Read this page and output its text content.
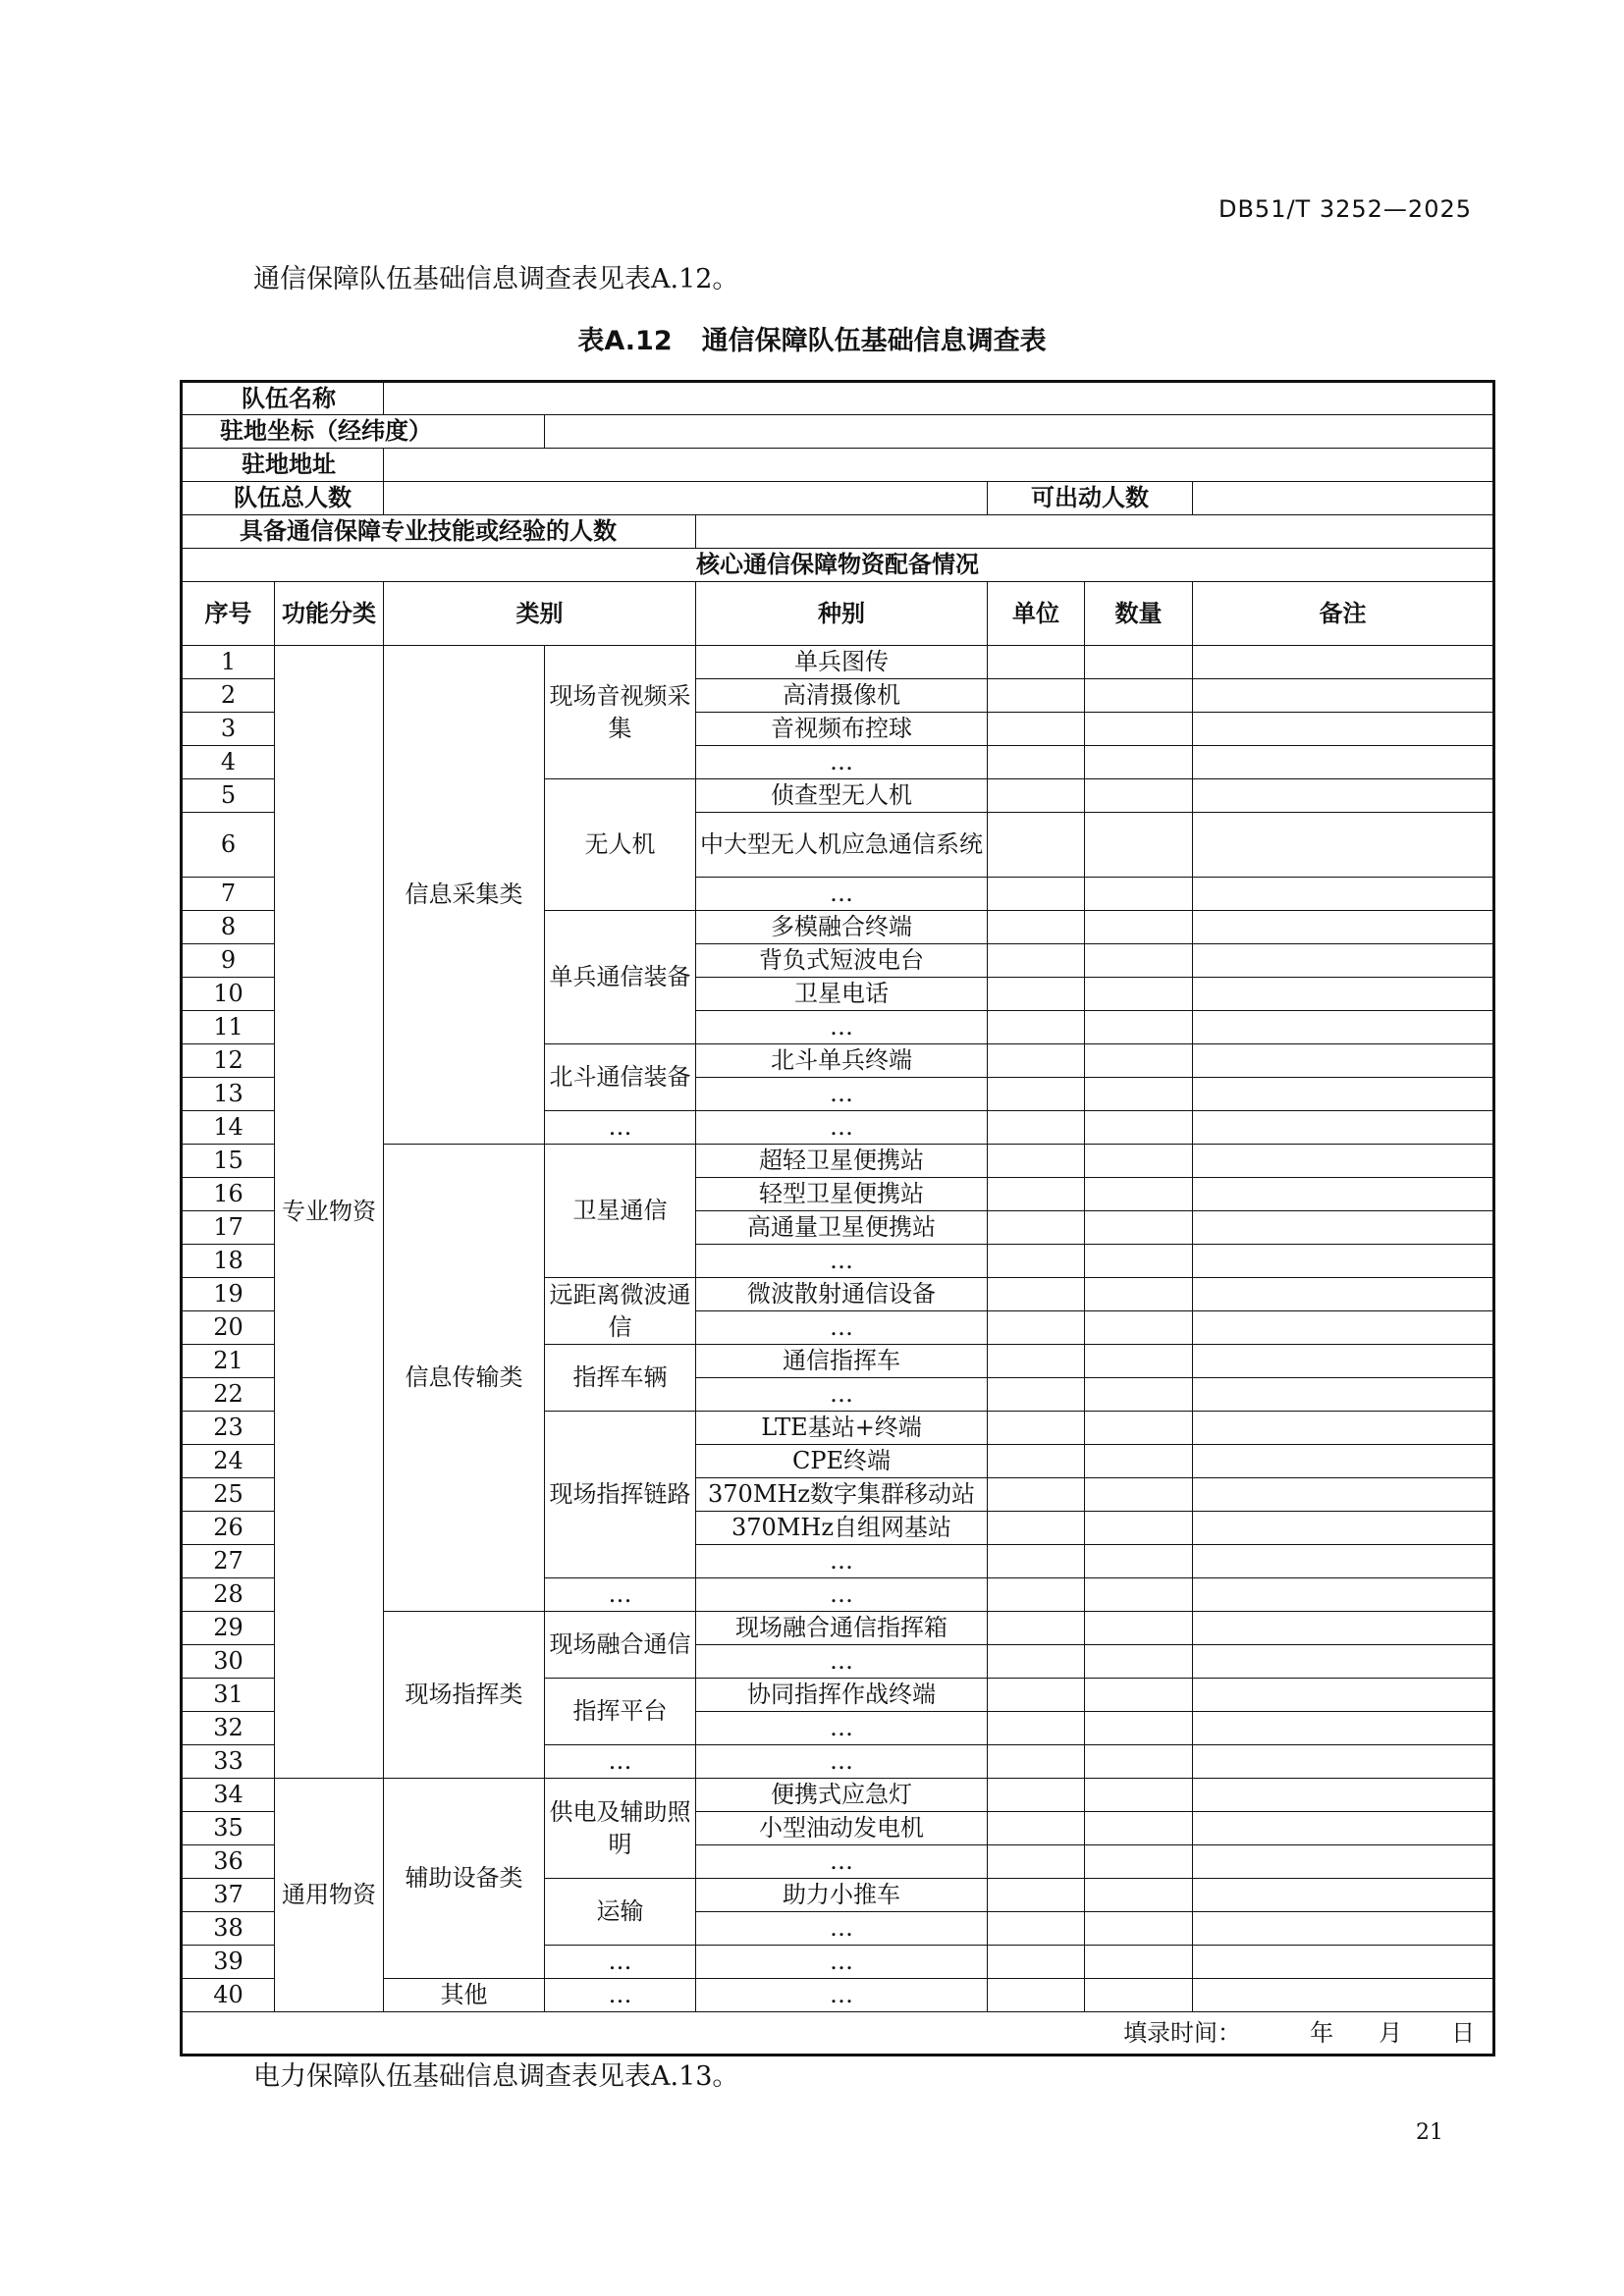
DB51/T 3252—2025
通信保障队伍基础信息调查表见表A.12。
表A.12 通信保障队伍基础信息调查表
队伍名称							
驻地坐标（经纬度）							
驻地地址							
队伍总人数					可出动人数		
具备通信保障专业技能或经验的人数							
核心通信保障物资配备情况							
序号	功能分类	类别		种别	单位	数量	备注
1	专业物资	信息采集类	现场音视频采集	单兵图传			
2				高清摄像机			
3				音视频布控球			
4				…			
5			无人机	侦查型无人机			
6				中大型无人机应急通信系统			
7				…			
8			单兵通信装备	多模融合终端			
9				背负式短波电台			
10				卫星电话			
11				…			
12			北斗通信装备	北斗单兵终端			
13				…			
14			…	…			
15		信息传输类	卫星通信	超轻卫星便携站			
16				轻型卫星便携站			
17				高通量卫星便携站			
18				…			
19			远距离微波通信	微波散射通信设备			
20				…			
21			指挥车辆	通信指挥车			
22				…			
23			现场指挥链路	LTE基站+终端			
24				CPE终端			
25				370MHz数字集群移动站			
26				370MHz自组网基站			
27				…			
28			…	…			
29		现场指挥类	现场融合通信	现场融合通信指挥箱			
30				…			
31			指挥平台	协同指挥作战终端			
32				…			
33			…	…			
34	通用物资	辅助设备类	供电及辅助照明	便携式应急灯			
35				小型油动发电机			
36				…			
37			运输	助力小推车			
38				…			
39			…	…			
40		其他	…	…			
填录时间： 年 月 日							
电力保障队伍基础信息调查表见表A.13。
21
